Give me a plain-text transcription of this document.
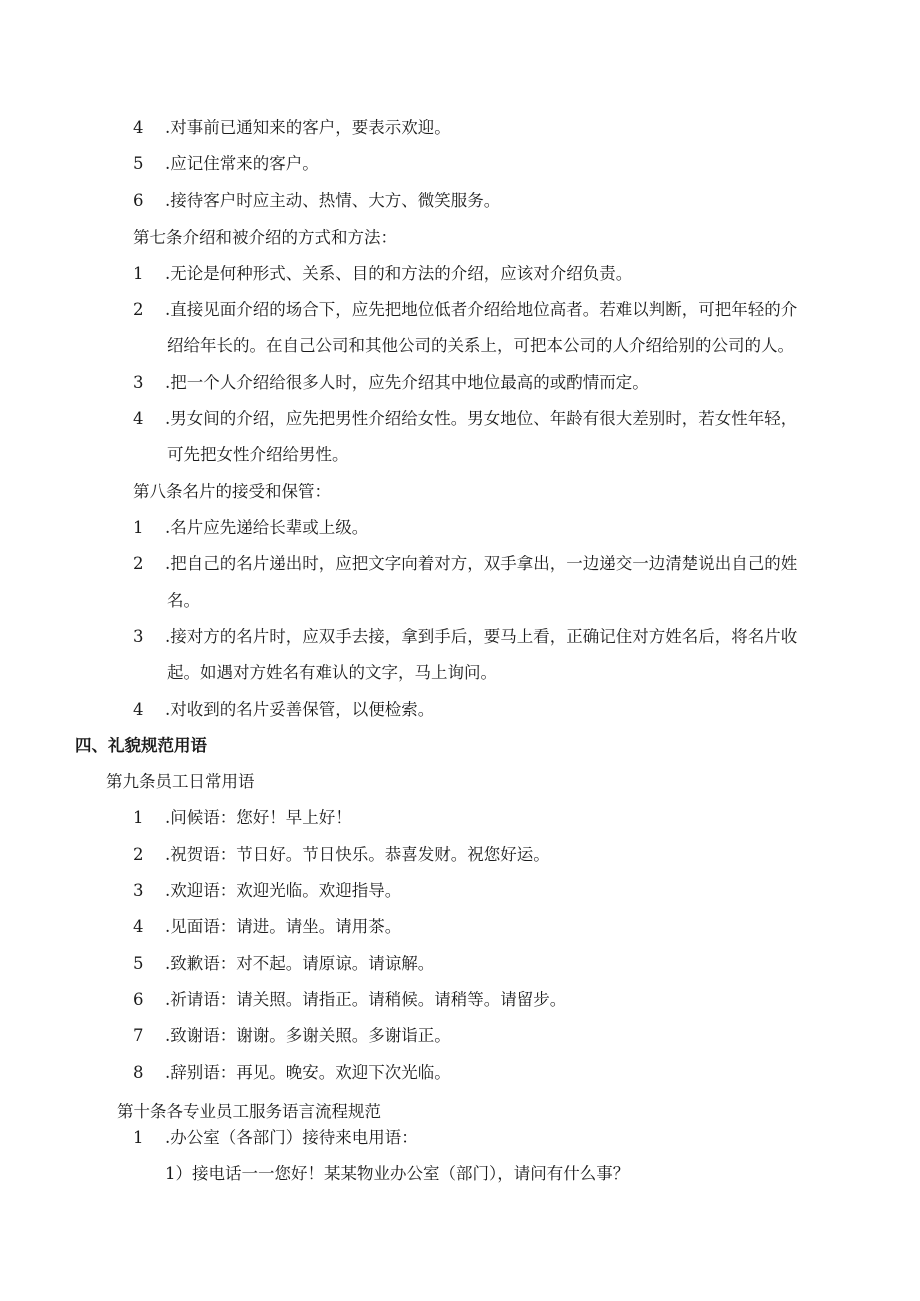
4 .对事前已通知来的客户，要表示欢迎。
5 .应记住常来的客户。
6 .接待客户时应主动、热情、大方、微笑服务。
第七条介绍和被介绍的方式和方法：
1 .无论是何种形式、关系、目的和方法的介绍，应该对介绍负责。
2 .直接见面介绍的场合下，应先把地位低者介绍给地位高者。若难以判断，可把年轻的介
绍给年长的。在自己公司和其他公司的关系上，可把本公司的人介绍给别的公司的人。
3 .把一个人介绍给很多人时，应先介绍其中地位最高的或酌情而定。
4 .男女间的介绍，应先把男性介绍给女性。男女地位、年龄有很大差别时，若女性年轻，
可先把女性介绍给男性。
第八条名片的接受和保管：
1 .名片应先递给长辈或上级。
2 .把自己的名片递出时，应把文字向着对方，双手拿出，一边递交一边清楚说出自己的姓
名。
3 .接对方的名片时，应双手去接，拿到手后，要马上看，正确记住对方姓名后，将名片收
起。如遇对方姓名有难认的文字，马上询问。
4 .对收到的名片妥善保管，以便检索。
四、礼貌规范用语
第九条员工日常用语
1 .问候语：您好！早上好！
2 .祝贺语：节日好。节日快乐。恭喜发财。祝您好运。
3 .欢迎语：欢迎光临。欢迎指导。
4 .见面语：请进。请坐。请用茶。
5 .致歉语：对不起。请原谅。请谅解。
6 .祈请语：请关照。请指正。请稍候。请稍等。请留步。
7 .致谢语：谢谢。多谢关照。多谢诣正。
8 .辞别语：再见。晚安。欢迎下次光临。
第十条各专业员工服务语言流程规范
1 .办公室（各部门）接待来电用语：
1）接电话一一您好！某某物业办公室（部门），请问有什么事？
